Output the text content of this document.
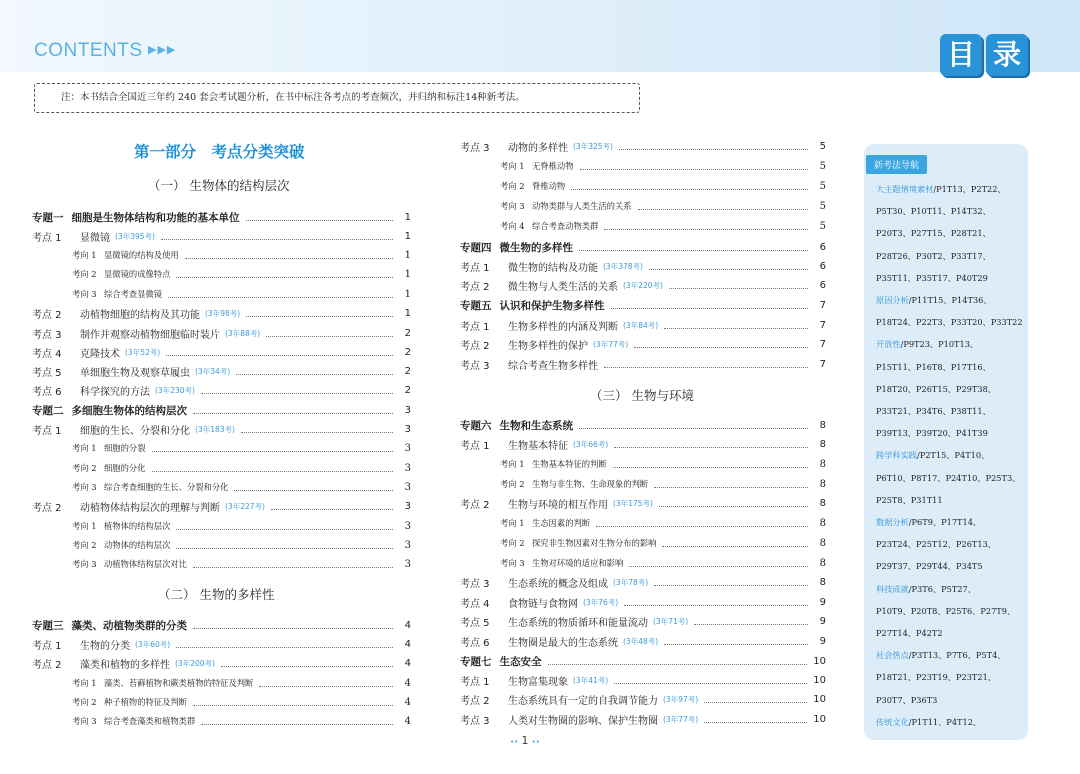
CONTENTS ▶▶▶	目 录
注：本书结合全国近三年约 240 套会考试题分析，在书中标注各考点的考查频次，并归纳和标注14种新考法。
第一部分　考点分类突破
（一） 生物体的结构层次
（二） 生物的多样性
（三） 生物与环境
专题一 细胞是生物体结构和功能的基本单位	1
考点 1	显微镜 (3年395考)	1
考向 1 显微镜的结构及使用	1
考向 2 显微镜的成像特点	1
考向 3 综合考查显微镜	1
考点 2	动植物细胞的结构及其功能 (3年98考)	1
考点 3	制作并观察动植物细胞临时装片 (3年88考)	2
考点 4	克隆技术 (3年52考)	2
考点 5	单细胞生物及观察草履虫 (3年34考)	2
考点 6	科学探究的方法 (3年230考)	2
专题二 多细胞生物体的结构层次	3
考点 1	细胞的生长、分裂和分化 (3年183考)	3
考向 1 细胞的分裂	3
考向 2 细胞的分化	3
考向 3 综合考查细胞的生长、分裂和分化	3
考点 2	动植物体结构层次的理解与判断 (3年227考)	3
考向 1 植物体的结构层次	3
考向 2 动物体的结构层次	3
考向 3 动植物体结构层次对比	3
专题三 藻类、动植物类群的分类	4
考点 1	生物的分类 (3年60考)	4
考点 2	藻类和植物的多样性 (3年200考)	4
考向 1 藻类、苔藓植物和蕨类植物的特征及判断	4
考向 2 种子植物的特征及判断	4
考向 3 综合考查藻类和植物类群	4
考点 3	动物的多样性 (3年325考)	5
考向 1 无脊椎动物	5
考向 2 脊椎动物	5
考向 3 动物类群与人类生活的关系	5
考向 4 综合考查动物类群	5
专题四 微生物的多样性	6
考点 1	微生物的结构及功能 (3年378考)	6
考点 2	微生物与人类生活的关系 (3年220考)	6
专题五 认识和保护生物多样性	7
考点 1	生物多样性的内涵及判断 (3年84考)	7
考点 2	生物多样性的保护 (3年77考)	7
考点 3	综合考查生物多样性	7
专题六 生物和生态系统	8
考点 1	生物基本特征 (3年66考)	8
考向 1 生物基本特征的判断	8
考向 2 生物与非生物、生命现象的判断	8
考点 2	生物与环境的相互作用 (3年175考)	8
考向 1 生态因素的判断	8
考向 2 探究非生物因素对生物分布的影响	8
考向 3 生物对环境的适应和影响	8
考点 3	生态系统的概念及组成 (3年78考)	8
考点 4	食物链与食物网 (3年76考)	9
考点 5	生态系统的物质循环和能量流动 (3年71考)	9
考点 6	生物圈是最大的生态系统 (3年48考)	9
专题七 生态安全	10
考点 1	生物富集现象 (3年41考)	10
考点 2	生态系统具有一定的自我调节能力 (3年97考)	10
考点 3	人类对生物圈的影响、保护生物圈 (3年77考)	10
新考法导航
大主题情境素材/P1T13、P2T22、
P5T30、P10T11、P14T32、
P20T3、P27T15、P28T21、
P28T26、P30T2、P33T17、
P35T11、P35T17、P40T29
原因分析/P11T15、P14T36、
P18T24、P22T3、P33T20、P33T22
开放性/P9T23、P10T13、
P15T11、P16T8、P17T16、
P18T20、P26T15、P29T38、
P33T21、P34T6、P38T11、
P39T13、P39T20、P41T39
跨学科实践/P2T15、P4T10、
P6T10、P8T17、P24T10、P25T3、
P25T8、P31T11
数据分析/P6T9、P17T14、
P23T24、P25T12、P26T13、
P29T37、P29T44、P34T5
科技成就/P3T6、P5T27、
P10T9、P20T8、P25T6、P27T9、
P27T14、P42T2
社会热点/P3T13、P7T6、P5T4、
P18T21、P23T19、P23T21、
P30T7、P36T3
传统文化/P1T11、P4T12、
•• 1 ••
